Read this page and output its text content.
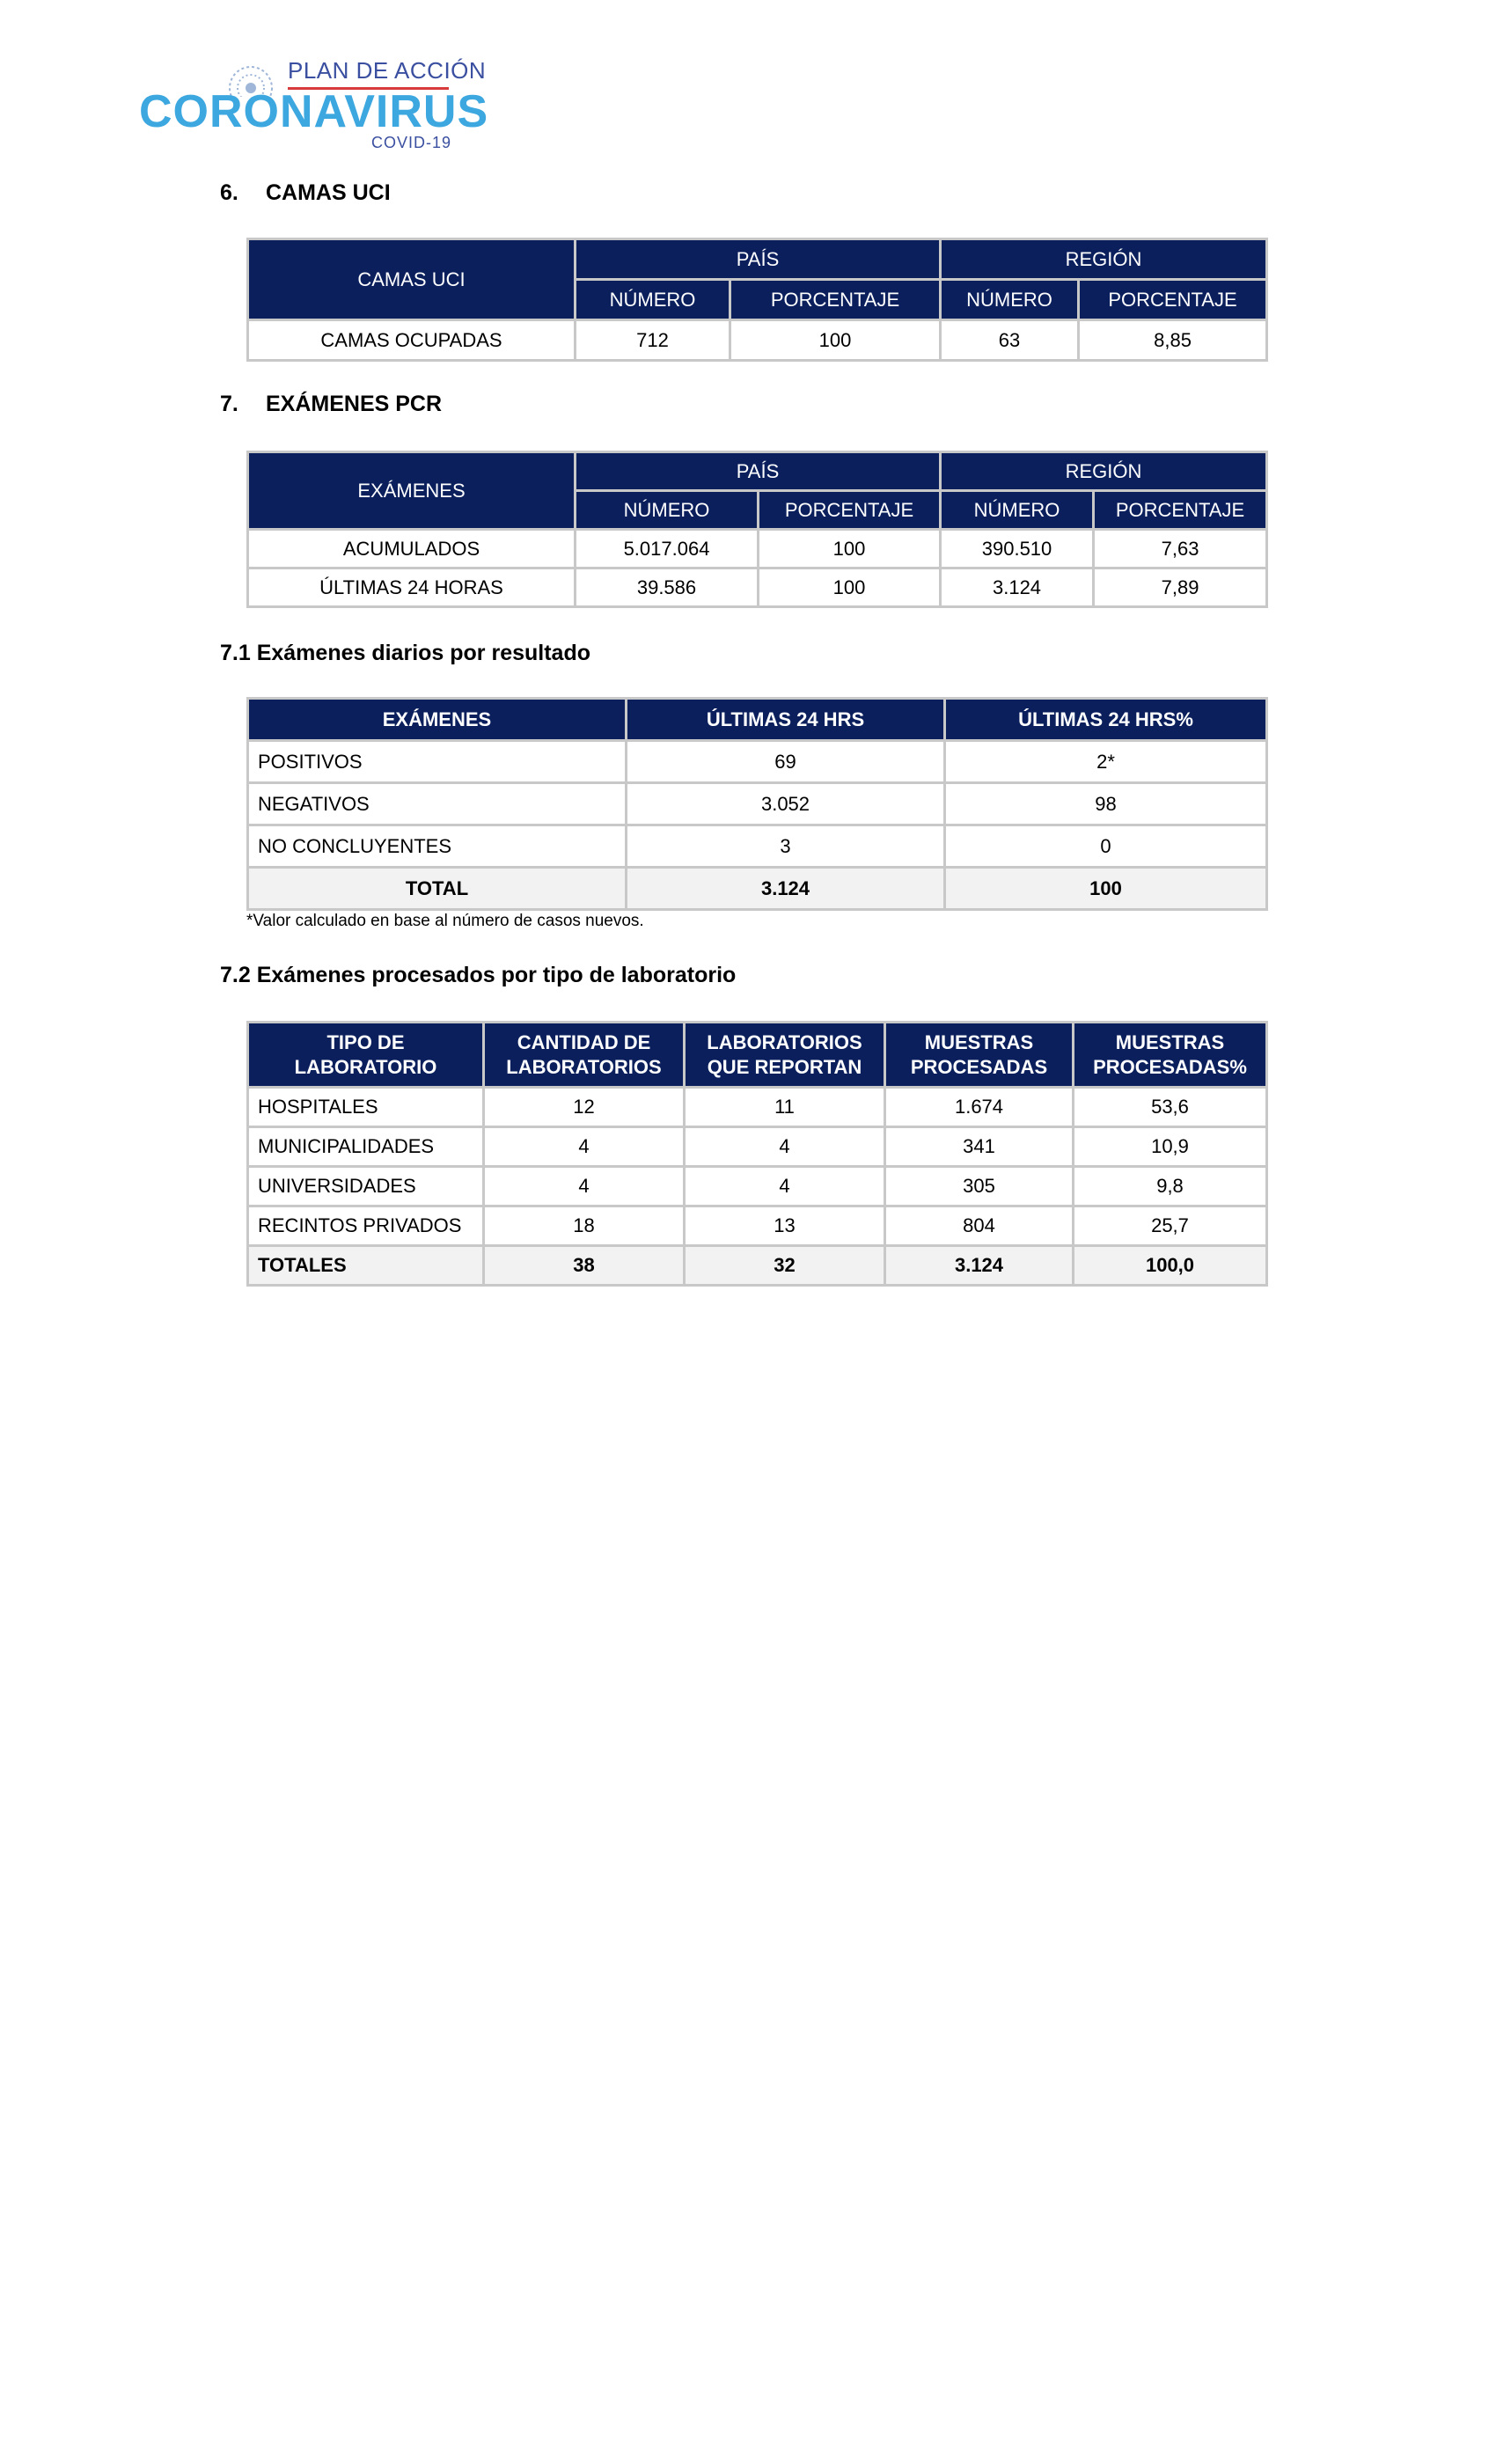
PLAN DE ACCIÓN
CORONAVIRUS
COVID-19
6. CAMAS UCI
CAMAS UCI	PAÍS		REGIÓN	
	NÚMERO	PORCENTAJE	NÚMERO	PORCENTAJE
CAMAS OCUPADAS	712	100	63	8,85
7. EXÁMENES PCR
EXÁMENES	PAÍS		REGIÓN	
	NÚMERO	PORCENTAJE	NÚMERO	PORCENTAJE
ACUMULADOS	5.017.064	100	390.510	7,63
ÚLTIMAS 24 HORAS	39.586	100	3.124	7,89
7.1 Exámenes diarios por resultado
EXÁMENES	ÚLTIMAS 24 HRS	ÚLTIMAS 24 HRS%
POSITIVOS	69	2*
NEGATIVOS	3.052	98
NO CONCLUYENTES	3	0
TOTAL	3.124	100
*Valor calculado en base al número de casos nuevos.
7.2 Exámenes procesados por tipo de laboratorio
TIPO DE LABORATORIO	CANTIDAD DE LABORATORIOS	LABORATORIOS QUE REPORTAN	MUESTRAS PROCESADAS	MUESTRAS PROCESADAS%
HOSPITALES	12	11	1.674	53,6
MUNICIPALIDADES	4	4	341	10,9
UNIVERSIDADES	4	4	305	9,8
RECINTOS PRIVADOS	18	13	804	25,7
TOTALES	38	32	3.124	100,0
